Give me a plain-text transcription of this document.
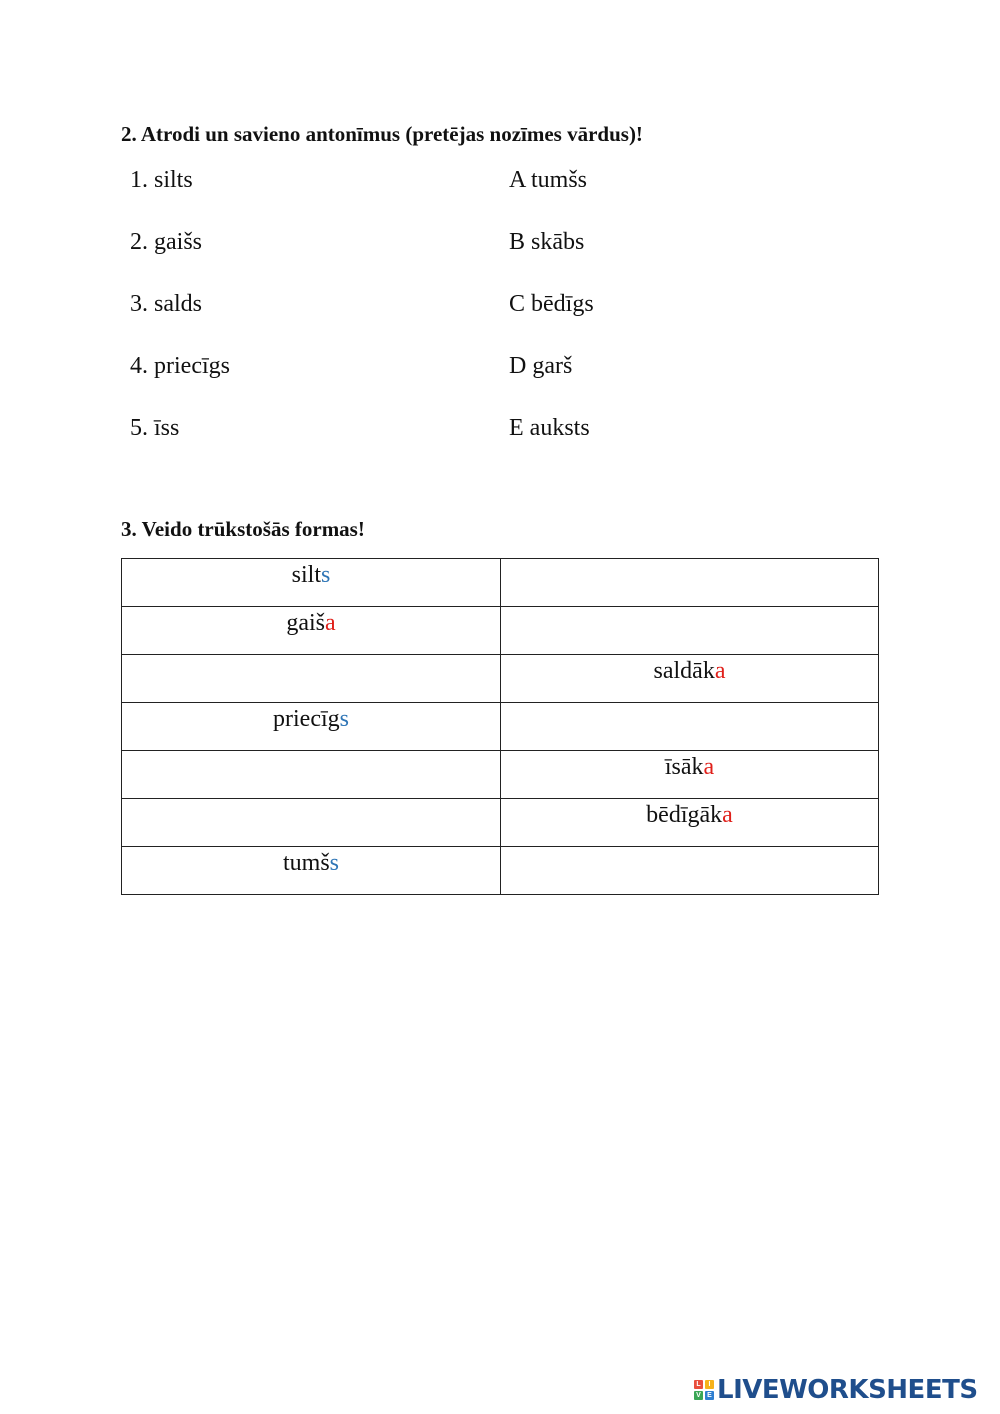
2. Atrodi un savieno antonīmus (pretējas nozīmes vārdus)!
1. silts	A tumšs
2. gaišs	B skābs
3. salds	C bēdīgs
4. priecīgs	D garš
5. īss	E auksts
3. Veido trūkstošās formas!
silts	
gaiša	
	saldāka
priecīgs	
	īsāka
	bēdīgāka
tumšs	
L	I
V E LIVEWORKSHEETS
